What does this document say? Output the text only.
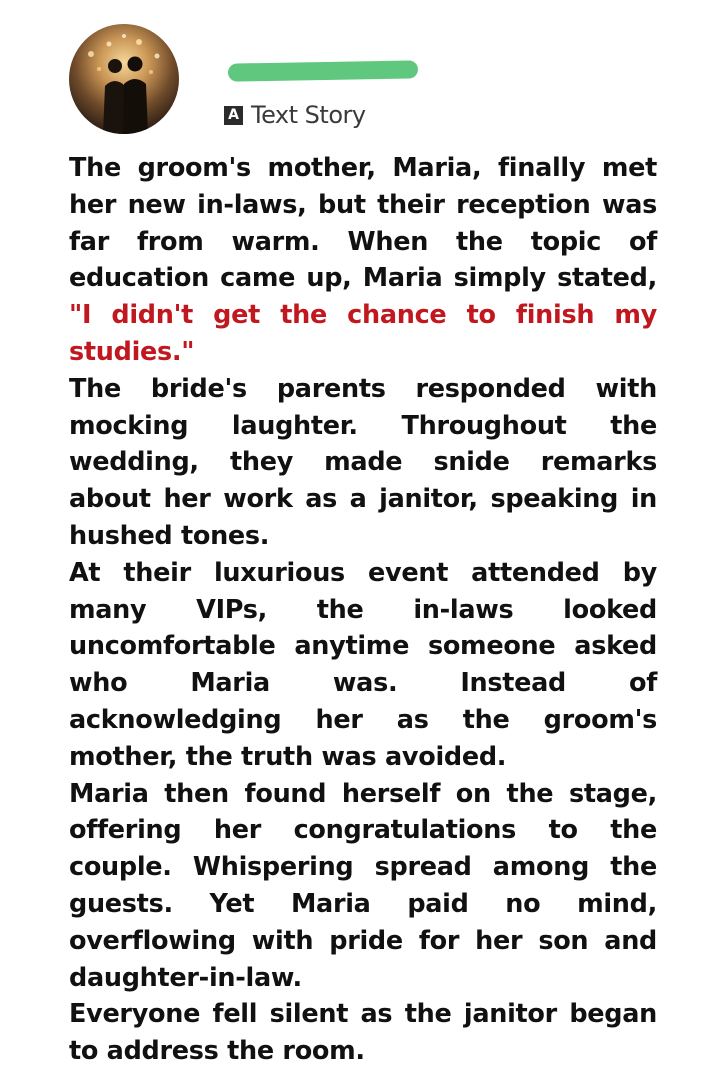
A Text Story

The groom's mother, Maria, finally met her new in-laws, but their reception was far from warm. When the topic of education came up, Maria simply stated, "I didn't get the chance to finish my studies."

The bride's parents responded with mocking laughter. Throughout the wedding, they made snide remarks about her work as a janitor, speaking in hushed tones.

At their luxurious event attended by many VIPs, the in-laws looked uncomfortable anytime someone asked who Maria was. Instead of acknowledging her as the groom's mother, the truth was avoided.

Maria then found herself on the stage, offering her congratulations to the couple. Whispering spread among the guests. Yet Maria paid no mind, overflowing with pride for her son and daughter-in-law.

Everyone fell silent as the janitor began to address the room.
